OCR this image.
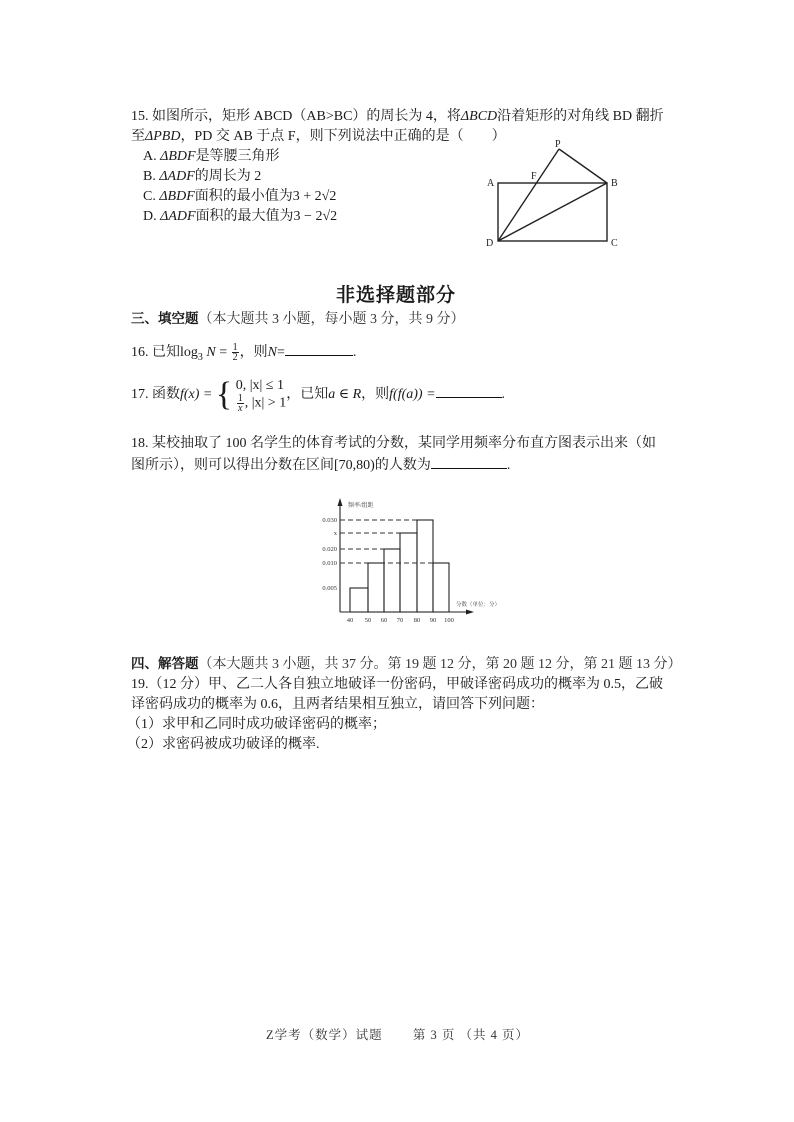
15. 如图所示，矩形 ABCD（AB>BC）的周长为 4，将ΔBCD沿着矩形的对角线 BD 翻折
至ΔPBD，PD 交 AB 于点 F，则下列说法中正确的是（　　）
A. ΔBDF是等腰三角形
B. ΔADF的周长为 2
C. ΔBDF面积的最小值为3 + 2√2
D. ΔADF面积的最大值为3 − 2√2
A	B
C
D
P
F
非选择题部分
三、填空题（本大题共 3 小题，每小题 3 分，共 9 分）
16. 已知$\log_3 N = \frac{1}{2}$ ，则N=	.
17. 函数f(x) = { 0, |x| ≤ 1
$\frac{1}{x}$, |x| > 1
，已知a ∈ R，则f(f(a)) =	.
18. 某校抽取了 100 名学生的体育考试的分数，某同学用频率分布直方图表示出来（如
图所示），则可以得出分数在区间[70,80)的人数为	.
0.030
x
0.020
0.010
0.005
40 50 60 70 80 90 100
频率/组距
分数（单位：分）
四、解答题（本大题共 3 小题，共 37 分。第 19 题 12 分，第 20 题 12 分，第 21 题 13 分）
19.（12 分）甲、乙二人各自独立地破译一份密码，甲破译密码成功的概率为 0.5，乙破
译密码成功的概率为 0.6，且两者结果相互独立，请回答下列问题：
（1）求甲和乙同时成功破译密码的概率；
（2）求密码被成功破译的概率.
Z学考（数学）试题 第 3 页 （共 4 页）
